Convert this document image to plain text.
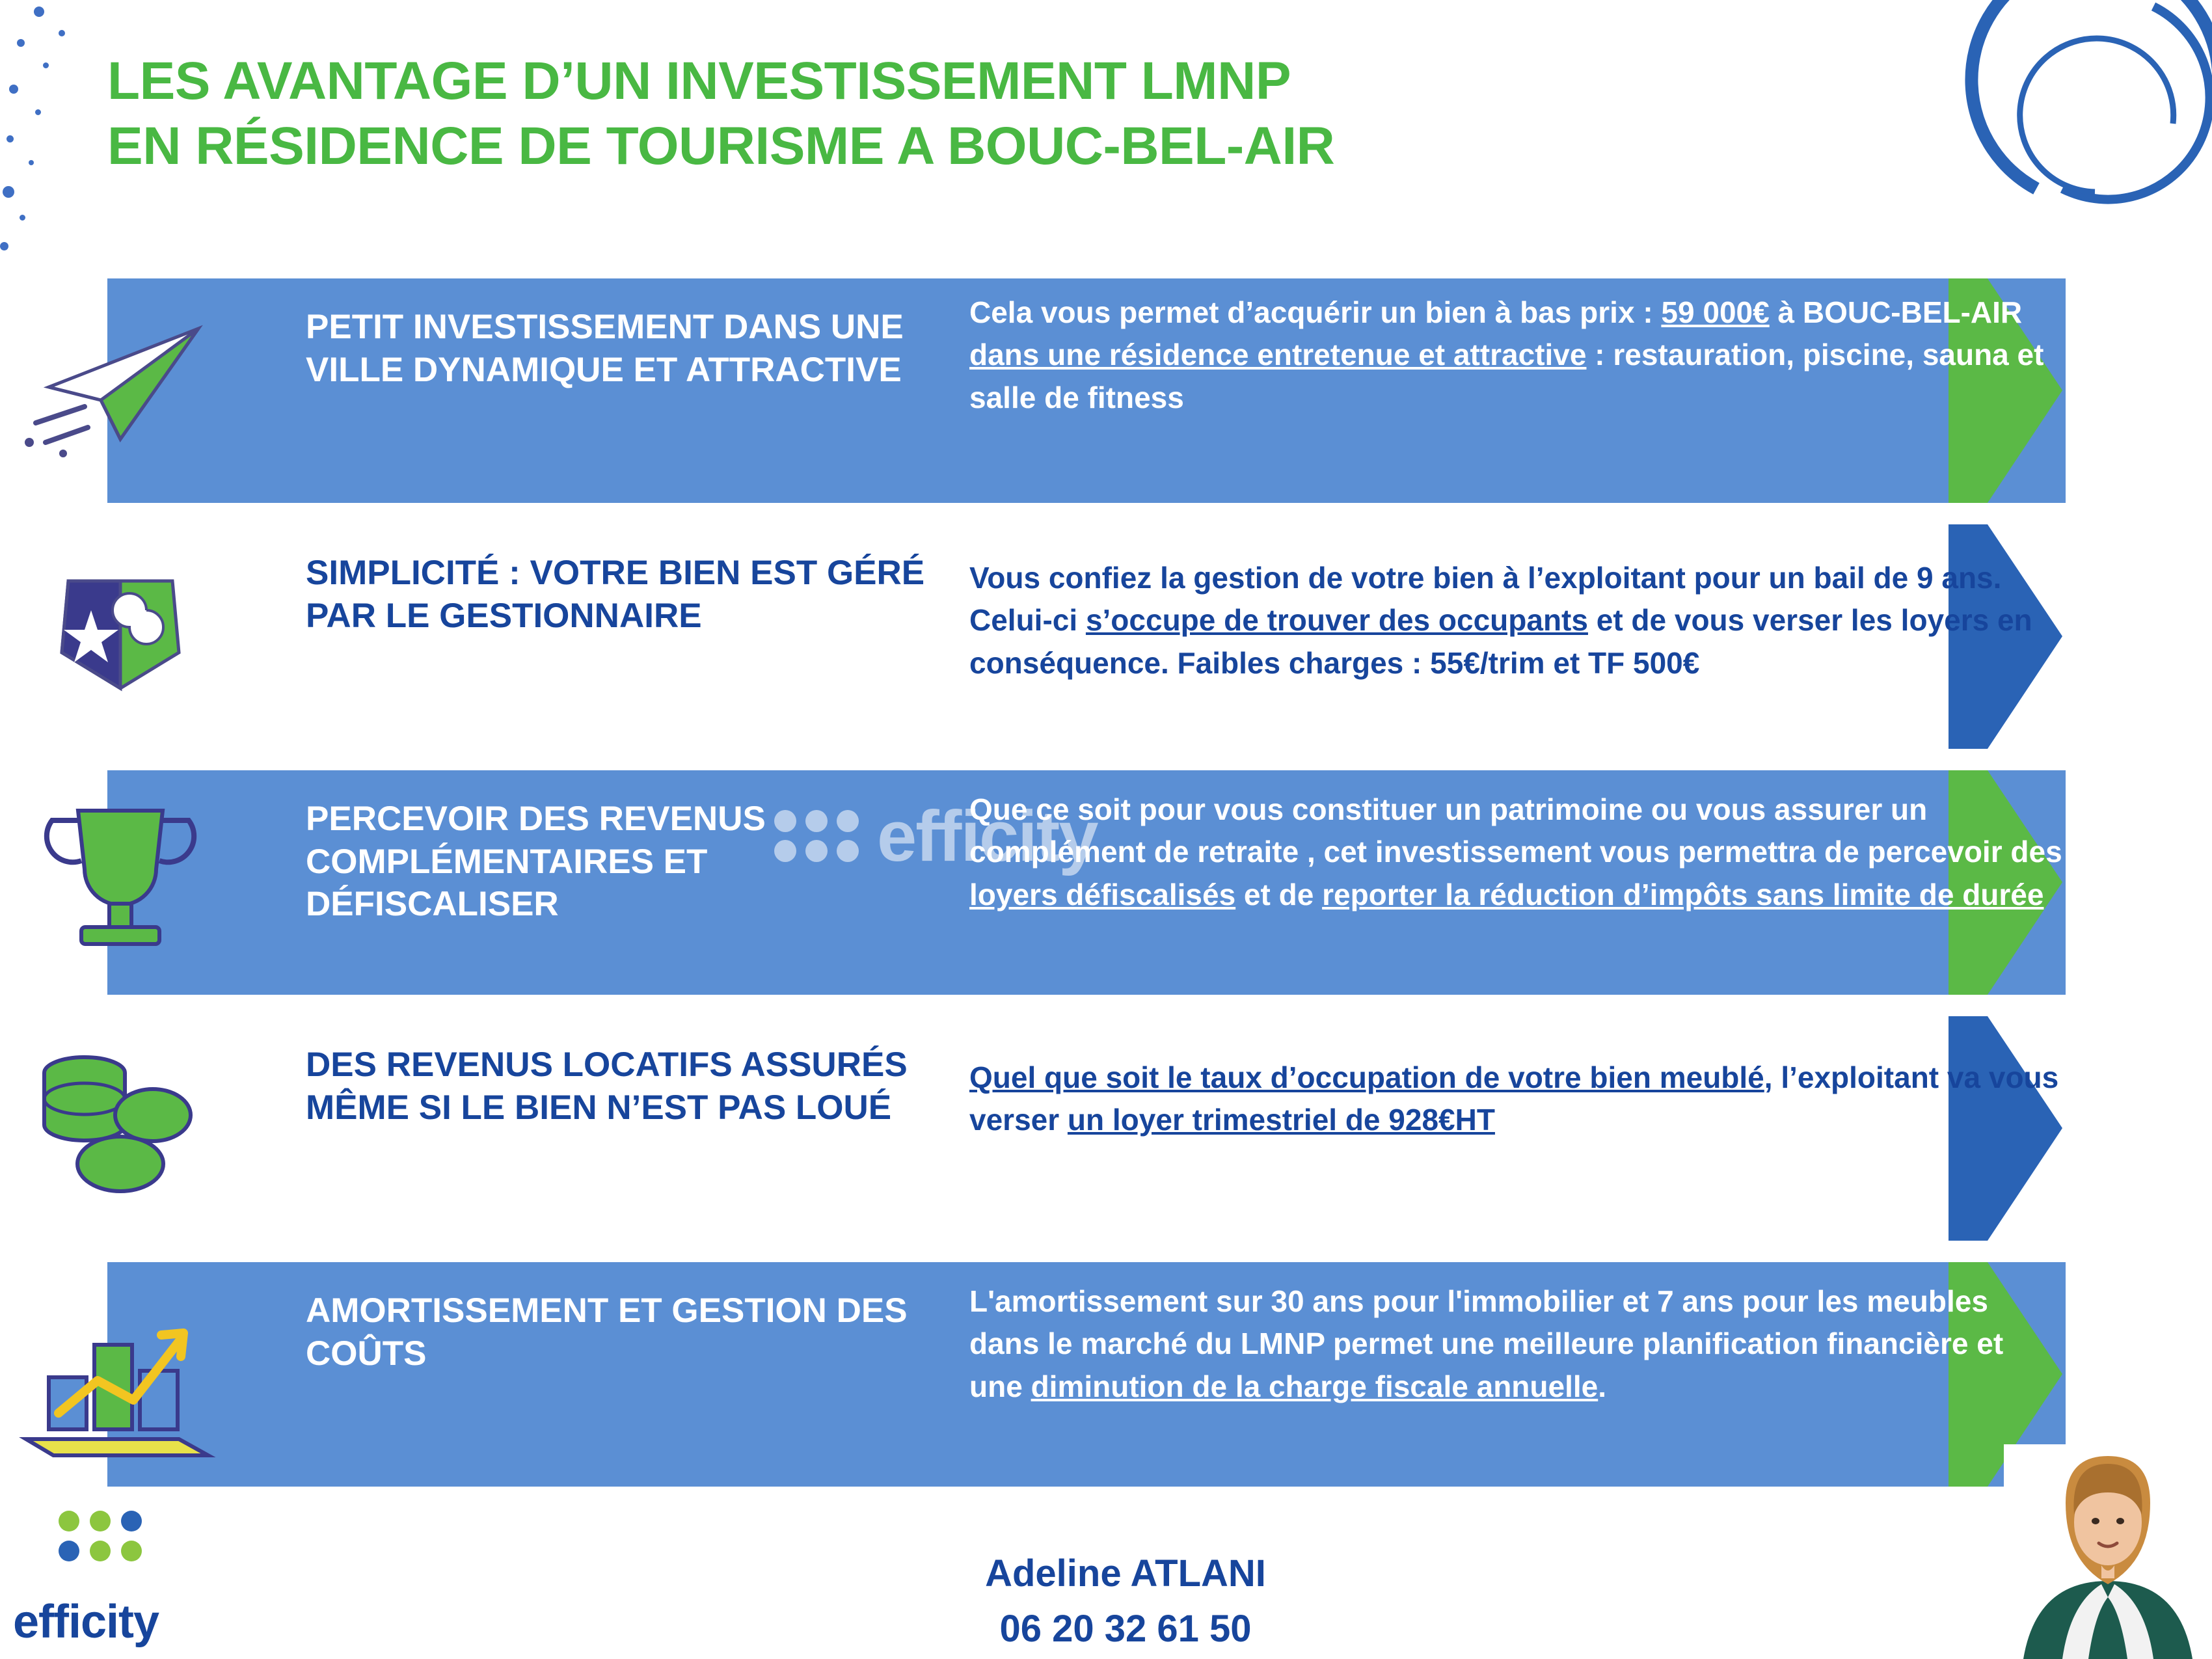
LES AVANTAGE D’UN INVESTISSEMENT LMNP
EN RÉSIDENCE DE TOURISME A BOUC-BEL-AIR
PETIT INVESTISSEMENT DANS UNE VILLE DYNAMIQUE ET ATTRACTIVE
Cela vous permet d’acquérir un bien à bas prix : 59 000€ à BOUC-BEL-AIR dans une résidence entretenue et attractive : restauration, piscine, sauna et salle de fitness
SIMPLICITÉ : VOTRE BIEN EST GÉRÉ PAR LE GESTIONNAIRE
Vous confiez la gestion de votre bien à l’exploitant pour un bail de 9 ans. Celui-ci s’occupe de trouver des occupants et de vous verser les loyers en conséquence. Faibles charges : 55€/trim et TF 500€
PERCEVOIR DES REVENUS COMPLÉMENTAIRES ET DÉFISCALISER
Que ce soit pour vous constituer un patrimoine ou vous assurer un complément de retraite , cet investissement vous permettra de percevoir des loyers défiscalisés et de reporter la réduction d’impôts sans limite de durée
DES REVENUS LOCATIFS ASSURÉS MÊME SI LE BIEN N’EST PAS LOUÉ
Quel que soit le taux d’occupation de votre bien meublé, l’exploitant va vous verser un loyer trimestriel de 928€HT
AMORTISSEMENT ET GESTION DES COÛTS
L'amortissement sur 30 ans pour l'immobilier et 7 ans pour les meubles dans le marché du LMNP permet une meilleure planification financière et une diminution de la charge fiscale annuelle.
efficity
Adeline ATLANI
06 20 32 61 50
efficity
